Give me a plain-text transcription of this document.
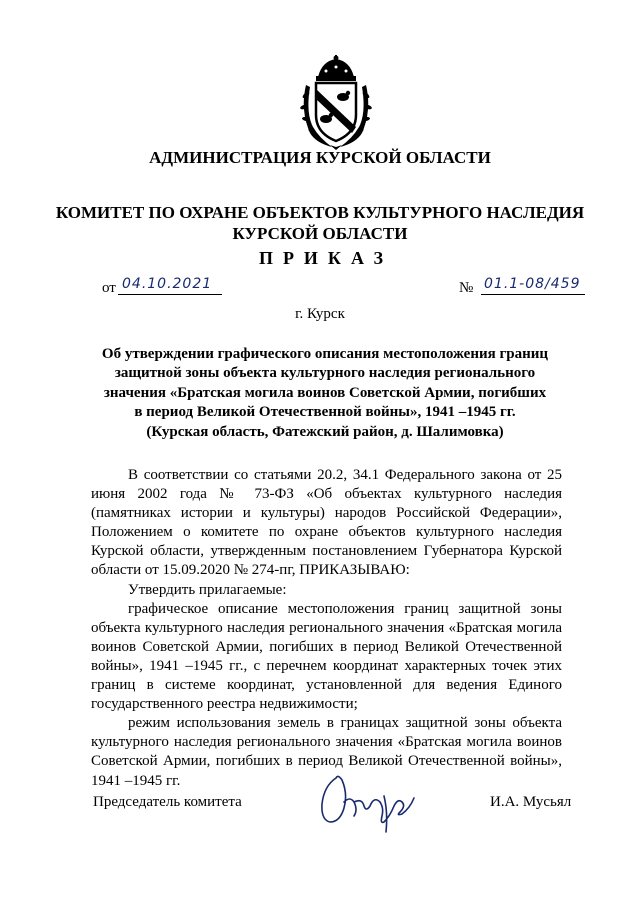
АДМИНИСТРАЦИЯ КУРСКОЙ ОБЛАСТИ
КОМИТЕТ ПО ОХРАНЕ ОБЪЕКТОВ КУЛЬТУРНОГО НАСЛЕДИЯ
КУРСКОЙ ОБЛАСТИ
ПРИКАЗ
от 04.10.2021	№ 01.1-08/459
г. Курск
Об утверждении графического описания местоположения границ
защитной зоны объекта культурного наследия регионального
значения «Братская могила воинов Советской Армии, погибших
в период Великой Отечественной войны», 1941 –1945 гг.
(Курская область, Фатежский район, д. Шалимовка)

В соответствии со статьями 20.2, 34.1 Федерального закона от 25 июня 2002 года № 73-ФЗ «Об объектах культурного наследия (памятниках истории и культуры) народов Российской Федерации», Положением о комитете по охране объектов культурного наследия Курской области, утвержденным постановлением Губернатора Курской области от 15.09.2020 № 274-пг, ПРИКАЗЫВАЮ:

Утвердить прилагаемые:

графическое описание местоположения границ защитной зоны объекта культурного наследия регионального значения «Братская могила воинов Советской Армии, погибших в период Великой Отечественной войны», 1941 –1945 гг., с перечнем координат характерных точек этих границ в системе координат, установленной для ведения Единого государственного реестра недвижимости;

режим использования земель в границах защитной зоны объекта культурного наследия регионального значения «Братская могила воинов Советской Армии, погибших в период Великой Отечественной войны», 1941 –1945 гг.

Председатель комитета	И.А. Мусьял
